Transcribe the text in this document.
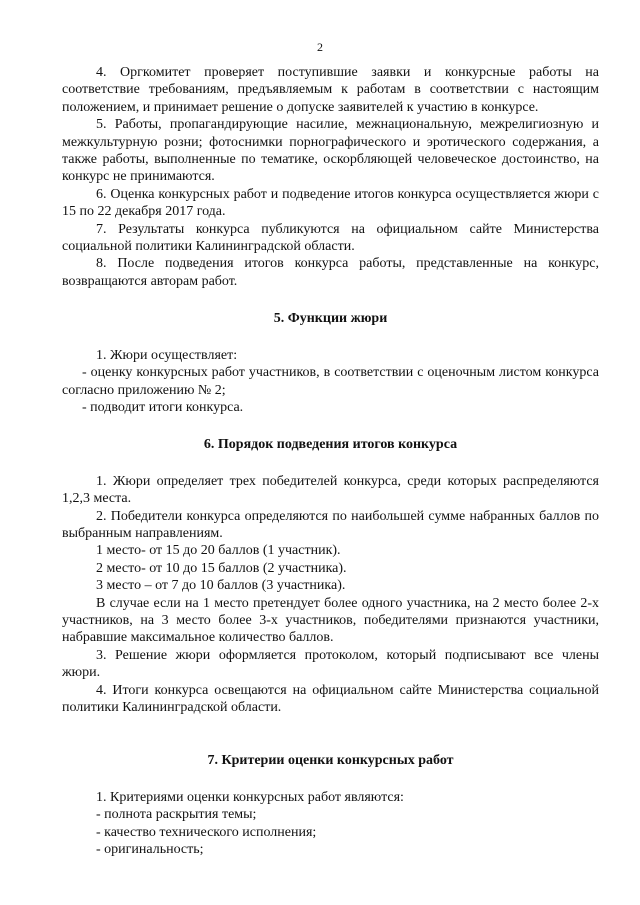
2

4. Оргкомитет проверяет поступившие заявки и конкурсные работы на соответствие требованиям, предъявляемым к работам в соответствии с настоящим положением, и принимает решение о допуске заявителей к участию в конкурсе.

5. Работы, пропагандирующие насилие, межнациональную, межрелигиозную и межкультурную розни; фотоснимки порнографического и эротического содержания, а также работы, выполненные по тематике, оскорбляющей человеческое достоинство, на конкурс не принимаются.

6. Оценка конкурсных работ и подведение итогов конкурса осуществляется жюри с 15 по 22 декабря 2017 года.

7. Результаты конкурса публикуются на официальном сайте Министерства социальной политики Калининградской области.

8. После подведения итогов конкурса работы, представленные на конкурс, возвращаются авторам работ.

5. Функции жюри

1. Жюри осуществляет:

- оценку конкурсных работ участников, в соответствии с оценочным листом конкурса согласно приложению № 2;

- подводит итоги конкурса.

6. Порядок подведения итогов конкурса

1. Жюри определяет трех победителей конкурса, среди которых распределяются 1,2,3 места.

2. Победители конкурса определяются по наибольшей сумме набранных баллов по выбранным направлениям.

1 место- от 15 до 20 баллов (1 участник).

2 место- от 10 до 15 баллов (2 участника).

3 место – от 7 до 10 баллов (3 участника).

В случае если на 1 место претендует более одного участника, на 2 место более 2-х участников, на 3 место более 3-х участников, победителями признаются участники, набравшие максимальное количество баллов.

3. Решение жюри оформляется протоколом, который подписывают все члены жюри.

4. Итоги конкурса освещаются на официальном сайте Министерства социальной политики Калининградской области.

7. Критерии оценки конкурсных работ

1. Критериями оценки конкурсных работ являются:

- полнота раскрытия темы;

- качество технического исполнения;

- оригинальность;
